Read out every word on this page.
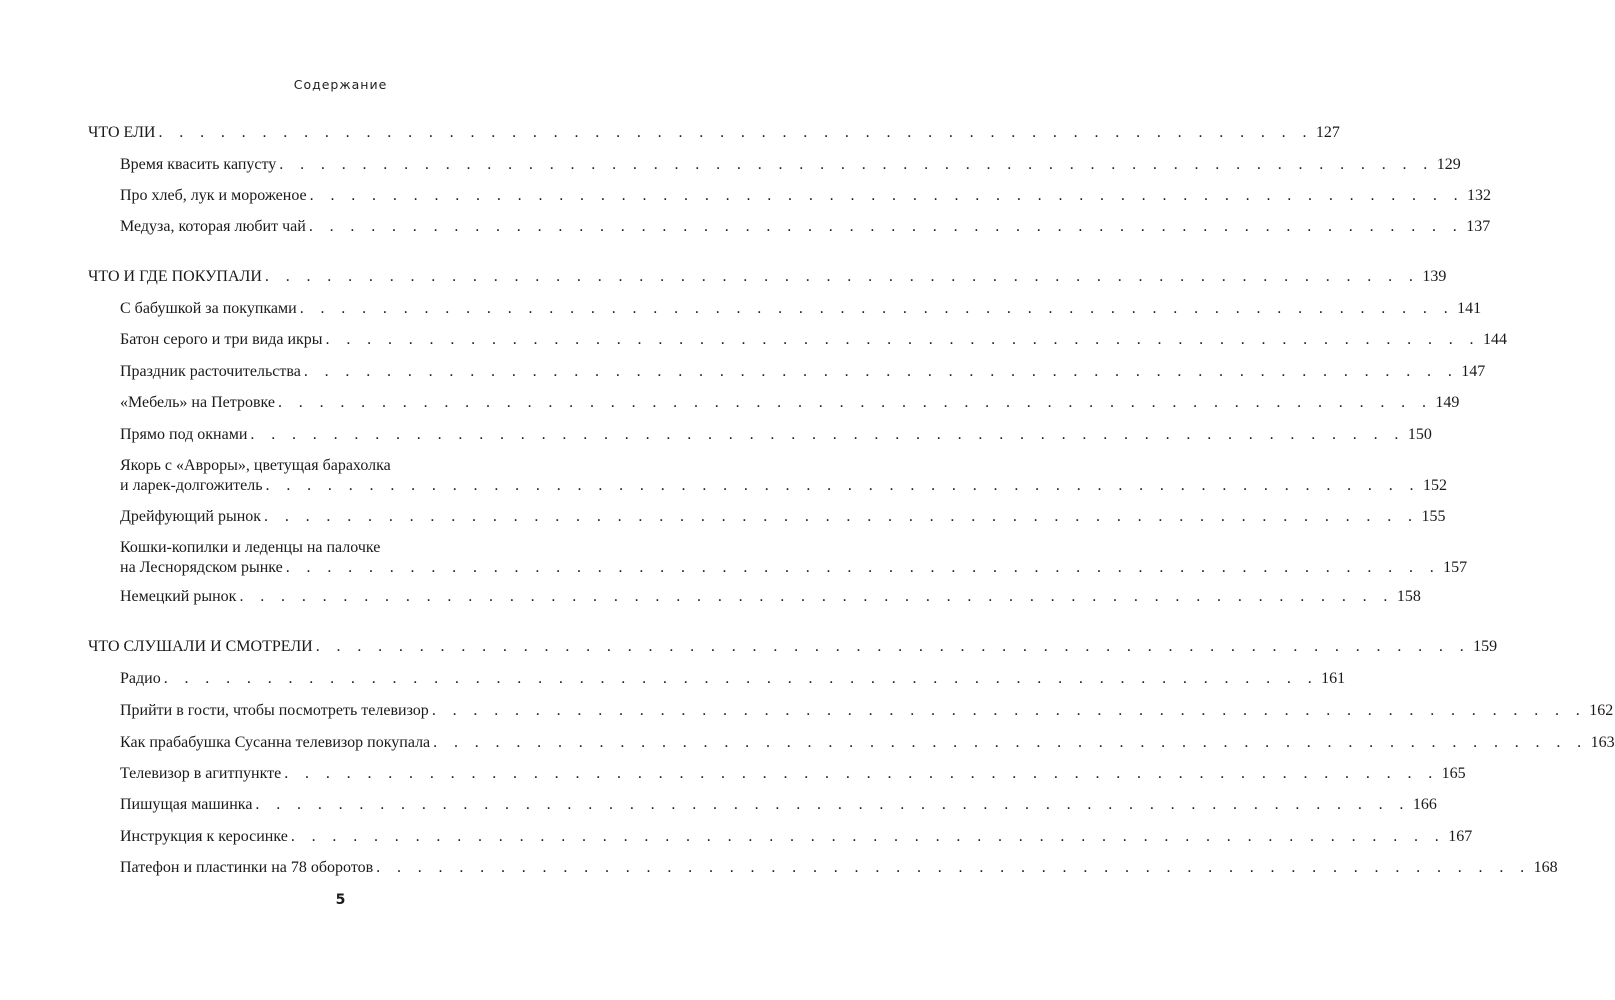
Содержание
ЧТО ЕЛИ . . . . . . . . . . . . . . . . . . . . . . . . . . . . . . . . . . . . . . . . . . . . . . . . . . . . . . . . 127
Время квасить капусту . . . . . . . . . . . . . . . . . . . . . . . . . . . . . . . . . . . . . . . . . . . . . . . . . . . . . . . . 129
Про хлеб, лук и мороженое . . . . . . . . . . . . . . . . . . . . . . . . . . . . . . . . . . . . . . . . . . . . . . . . . . . . . . . . 132
Медуза, которая любит чай . . . . . . . . . . . . . . . . . . . . . . . . . . . . . . . . . . . . . . . . . . . . . . . . . . . . . . . . 137
ЧТО И ГДЕ ПОКУПАЛИ . . . . . . . . . . . . . . . . . . . . . . . . . . . . . . . . . . . . . . . . . . . . . . . . . . . . . . . . 139
С бабушкой за покупками . . . . . . . . . . . . . . . . . . . . . . . . . . . . . . . . . . . . . . . . . . . . . . . . . . . . . . . . 141
Батон серого и три вида икры . . . . . . . . . . . . . . . . . . . . . . . . . . . . . . . . . . . . . . . . . . . . . . . . . . . . . . . . 144
Праздник расточительства . . . . . . . . . . . . . . . . . . . . . . . . . . . . . . . . . . . . . . . . . . . . . . . . . . . . . . . . 147
«Мебель» на Петровке . . . . . . . . . . . . . . . . . . . . . . . . . . . . . . . . . . . . . . . . . . . . . . . . . . . . . . . . 149
Прямо под окнами . . . . . . . . . . . . . . . . . . . . . . . . . . . . . . . . . . . . . . . . . . . . . . . . . . . . . . . . 150
Якорь с «Авроры», цветущая барахолка
и ларек-долгожитель . . . . . . . . . . . . . . . . . . . . . . . . . . . . . . . . . . . . . . . . . . . . . . . . . . . . . . . . 152
Дрейфующий рынок . . . . . . . . . . . . . . . . . . . . . . . . . . . . . . . . . . . . . . . . . . . . . . . . . . . . . . . . 155
Кошки-копилки и леденцы на палочке
на Леснорядском рынке . . . . . . . . . . . . . . . . . . . . . . . . . . . . . . . . . . . . . . . . . . . . . . . . . . . . . . . . 157
Немецкий рынок . . . . . . . . . . . . . . . . . . . . . . . . . . . . . . . . . . . . . . . . . . . . . . . . . . . . . . . . 158
ЧТО СЛУШАЛИ И СМОТРЕЛИ . . . . . . . . . . . . . . . . . . . . . . . . . . . . . . . . . . . . . . . . . . . . . . . . . . . . . . . . 159
Радио . . . . . . . . . . . . . . . . . . . . . . . . . . . . . . . . . . . . . . . . . . . . . . . . . . . . . . . . 161
Прийти в гости, чтобы посмотреть телевизор . . . . . . . . . . . . . . . . . . . . . . . . . . . . . . . . . . . . . . . . . . . . . . . . . . . . . . . . 162
Как прабабушка Сусанна телевизор покупала . . . . . . . . . . . . . . . . . . . . . . . . . . . . . . . . . . . . . . . . . . . . . . . . . . . . . . . . 163
Телевизор в агитпункте . . . . . . . . . . . . . . . . . . . . . . . . . . . . . . . . . . . . . . . . . . . . . . . . . . . . . . . . 165
Пишущая машинка . . . . . . . . . . . . . . . . . . . . . . . . . . . . . . . . . . . . . . . . . . . . . . . . . . . . . . . . 166
Инструкция к керосинке . . . . . . . . . . . . . . . . . . . . . . . . . . . . . . . . . . . . . . . . . . . . . . . . . . . . . . . . 167
Патефон и пластинки на 78 оборотов . . . . . . . . . . . . . . . . . . . . . . . . . . . . . . . . . . . . . . . . . . . . . . . . . . . . . . . . 168
5
